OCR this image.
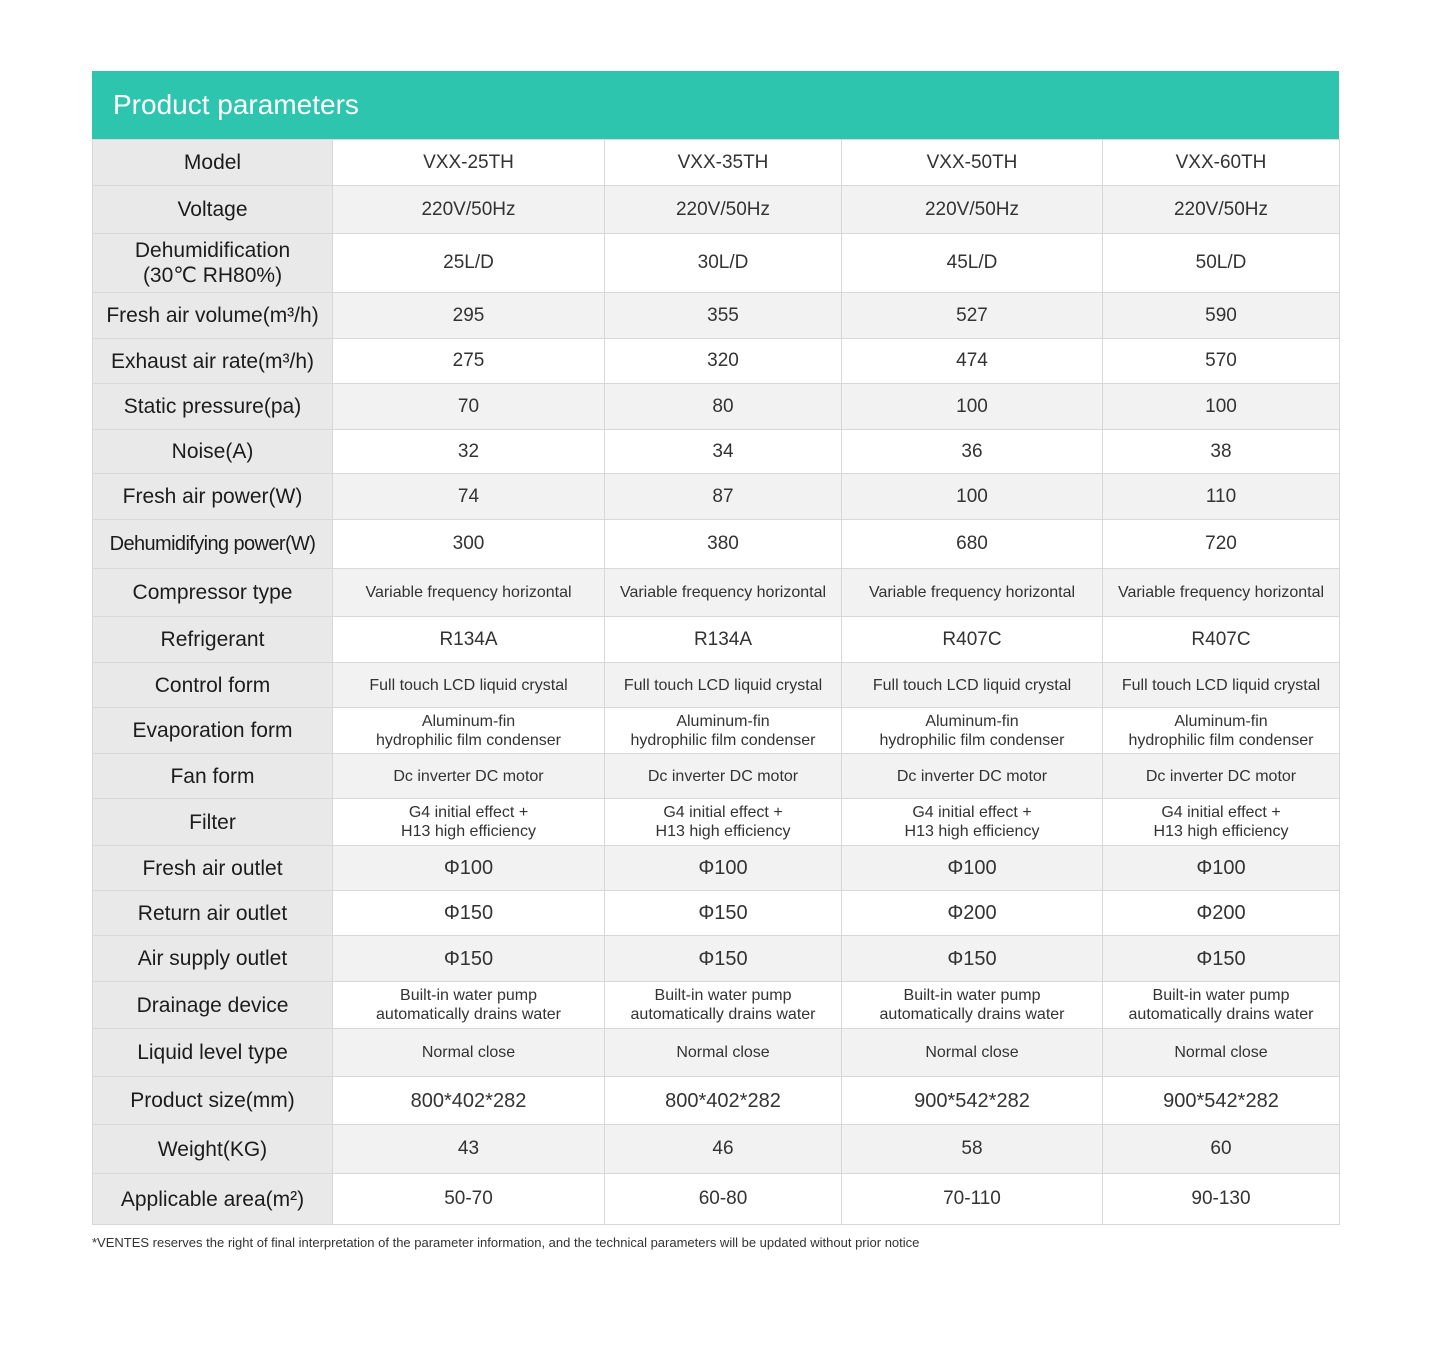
Product parameters
Model	VXX-25TH	VXX-35TH	VXX-50TH	VXX-60TH

Voltage	220V/50Hz	220V/50Hz	220V/50Hz	220V/50Hz

Dehumidification
(30℃ RH80%)	25L/D	30L/D	45L/D	50L/D

Fresh air volume(m³/h)	295	355	527	590

Exhaust air rate(m³/h)	275	320	474	570

Static pressure(pa)	70	80	100	100

Noise(A)	32	34	36	38

Fresh air power(W)	74	87	100	110

Dehumidifying power(W)	300	380	680	720

Compressor type	Variable frequency horizontal	Variable frequency horizontal	Variable frequency horizontal	Variable frequency horizontal

Refrigerant	R134A	R134A	R407C	R407C

Control form	Full touch LCD liquid crystal	Full touch LCD liquid crystal	Full touch LCD liquid crystal	Full touch LCD liquid crystal

Evaporation form	Aluminum-fin
hydrophilic film condenser	Aluminum-fin
hydrophilic film condenser	Aluminum-fin
hydrophilic film condenser	Aluminum-fin
hydrophilic film condenser

Fan form	Dc inverter DC motor	Dc inverter DC motor	Dc inverter DC motor	Dc inverter DC motor

Filter	G4 initial effect +
H13 high efficiency	G4 initial effect +
H13 high efficiency	G4 initial effect +
H13 high efficiency	G4 initial effect +
H13 high efficiency

Fresh air outlet	Φ100	Φ100	Φ100	Φ100

Return air outlet	Φ150	Φ150	Φ200	Φ200

Air supply outlet	Φ150	Φ150	Φ150	Φ150

Drainage device	Built-in water pump
automatically drains water	Built-in water pump
automatically drains water	Built-in water pump
automatically drains water	Built-in water pump
automatically drains water

Liquid level type	Normal close	Normal close	Normal close	Normal close

Product size(mm)	800*402*282	800*402*282	900*542*282	900*542*282

Weight(KG)	43	46	58	60

Applicable area(m²)	50-70	60-80	70-110	90-130
*VENTES reserves the right of final interpretation of the parameter information, and the technical parameters will be updated without prior notice
